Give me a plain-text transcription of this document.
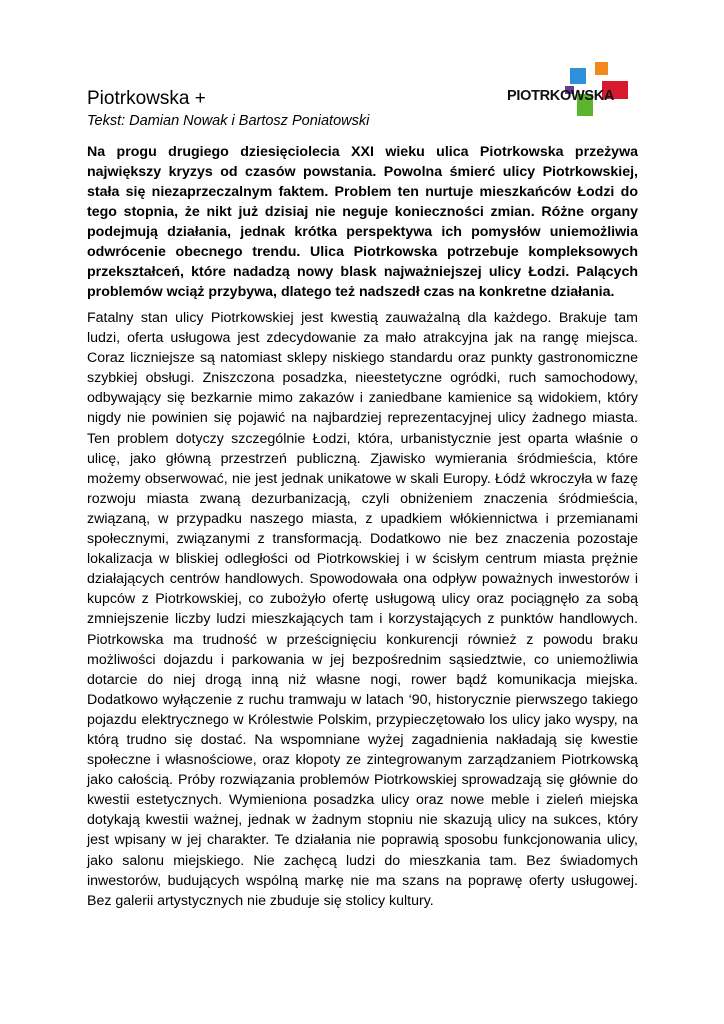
Piotrkowska +
Tekst: Damian Nowak i Bartosz Poniatowski
PIOTRKOWSKA

Na progu drugiego dziesięciolecia XXI wieku ulica Piotrkowska przeżywa największy kryzys od czasów powstania. Powolna śmierć ulicy Piotrkowskiej, stała się niezaprzeczalnym faktem. Problem ten nurtuje mieszkańców Łodzi do tego stopnia, że nikt już dzisiaj nie neguje konieczności zmian. Różne organy podejmują działania, jednak krótka perspektywa ich pomysłów uniemożliwia odwrócenie obecnego trendu. Ulica Piotrkowska potrzebuje kompleksowych przekształceń, które nadadzą nowy blask najważniejszej ulicy Łodzi. Palących problemów wciąż przybywa, dlatego też nadszedł czas na konkretne działania.

Fatalny stan ulicy Piotrkowskiej jest kwestią zauważalną dla każdego. Brakuje tam ludzi, oferta usługowa jest zdecydowanie za mało atrakcyjna jak na rangę miejsca. Coraz liczniejsze są natomiast sklepy niskiego standardu oraz punkty gastronomiczne szybkiej obsługi. Zniszczona posadzka, nieestetyczne ogródki, ruch samochodowy, odbywający się bezkarnie mimo zakazów i zaniedbane kamienice są widokiem, który nigdy nie powinien się pojawić na najbardziej reprezentacyjnej ulicy żadnego miasta. Ten problem dotyczy szczególnie Łodzi, która, urbanistycznie jest oparta właśnie o ulicę, jako główną przestrzeń publiczną. Zjawisko wymierania śródmieścia, które możemy obserwować, nie jest jednak unikatowe w skali Europy. Łódź wkroczyła w fazę rozwoju miasta zwaną dezurbanizacją, czyli obniżeniem znaczenia śródmieścia, związaną, w przypadku naszego miasta, z upadkiem włókiennictwa i przemianami społecznymi, związanymi z transformacją. Dodatkowo nie bez znaczenia pozostaje lokalizacja w bliskiej odległości od Piotrkowskiej i w ścisłym centrum miasta prężnie działających centrów handlowych. Spowodowała ona odpływ poważnych inwestorów i kupców z Piotrkowskiej, co zubożyło ofertę usługową ulicy oraz pociągnęło za sobą zmniejszenie liczby ludzi mieszkających tam i korzystających z punktów handlowych. Piotrkowska ma trudność w prześcignięciu konkurencji również z powodu braku możliwości dojazdu i parkowania w jej bezpośrednim sąsiedztwie, co uniemożliwia dotarcie do niej drogą inną niż własne nogi, rower bądź komunikacja miejska. Dodatkowo wyłączenie z ruchu tramwaju w latach ‘90, historycznie pierwszego takiego pojazdu elektrycznego w Królestwie Polskim, przypieczętowało los ulicy jako wyspy, na którą trudno się dostać. Na wspomniane wyżej zagadnienia nakładają się kwestie społeczne i własnościowe, oraz kłopoty ze zintegrowanym zarządzaniem Piotrkowską jako całością. Próby rozwiązania problemów Piotrkowskiej sprowadzają się głównie do kwestii estetycznych. Wymieniona posadzka ulicy oraz nowe meble i zieleń miejska dotykają kwestii ważnej, jednak w żadnym stopniu nie skazują ulicy na sukces, który jest wpisany w jej charakter. Te działania nie poprawią sposobu funkcjonowania ulicy, jako salonu miejskiego. Nie zachęcą ludzi do mieszkania tam. Bez świadomych inwestorów, budujących wspólną markę nie ma szans na poprawę oferty usługowej. Bez galerii artystycznych nie zbuduje się stolicy kultury.
